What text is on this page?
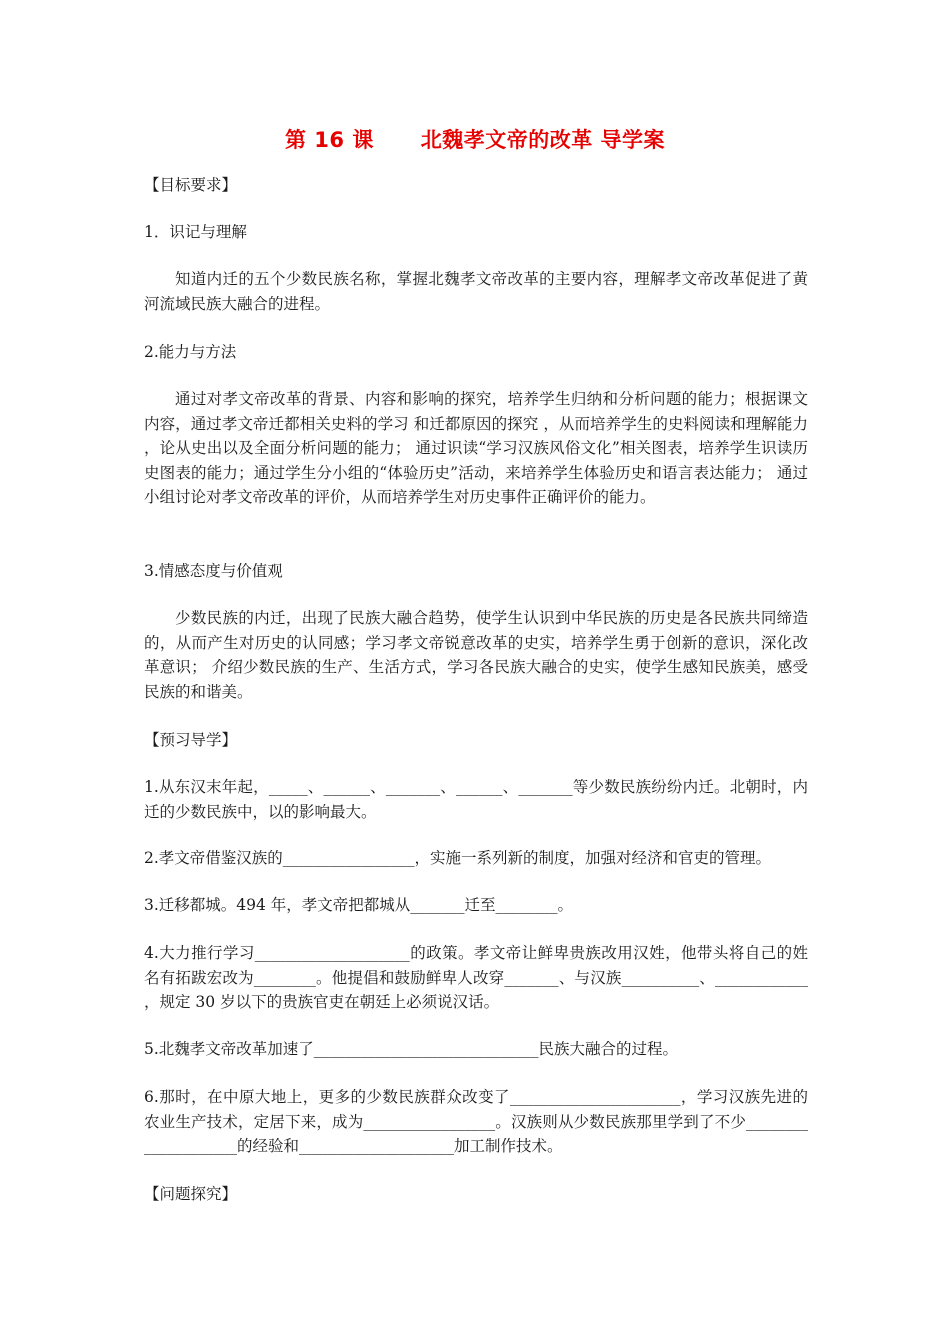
第 16 课      北魏孝文帝的改革 导学案
【目标要求】
1．识记与理解
知道内迁的五个少数民族名称，掌握北魏孝文帝改革的主要内容，理解孝文帝改革促进了黄河流域民族大融合的进程。
2.能力与方法
通过对孝文帝改革的背景、内容和影响的探究，培养学生归纳和分析问题的能力；根据课文内容，通过孝文帝迁都相关史料的学习 和迁都原因的探究 ，从而培养学生的史料阅读和理解能力，论从史出以及全面分析问题的能力； 通过识读“学习汉族风俗文化”相关图表，培养学生识读历史图表的能力；通过学生分小组的“体验历史”活动，来培养学生体验历史和语言表达能力； 通过小组讨论对孝文帝改革的评价，从而培养学生对历史事件正确评价的能力。
3.情感态度与价值观
少数民族的内迁，出现了民族大融合趋势，使学生认识到中华民族的历史是各民族共同缔造的，从而产生对历史的认同感；学习孝文帝锐意改革的史实，培养学生勇于创新的意识，深化改革意识； 介绍少数民族的生产、生活方式，学习各民族大融合的史实，使学生感知民族美，感受民族的和谐美。
【预习导学】
1.从东汉末年起，_____、______、_______、______、_______等少数民族纷纷内迁。北朝时，内迁的少数民族中，以的影响最大。
2.孝文帝借鉴汉族的_________________，实施一系列新的制度，加强对经济和官吏的管理。
3.迁移都城。494 年，孝文帝把都城从_______迁至________。
4.大力推行学习____________________的政策。孝文帝让鲜卑贵族改用汉姓，他带头将自己的姓名有拓跋宏改为________。他提倡和鼓励鲜卑人改穿_______、与汉族__________、____________，规定 30 岁以下的贵族官吏在朝廷上必须说汉话。
5.北魏孝文帝改革加速了_____________________________民族大融合的过程。
6.那时，在中原大地上，更多的少数民族群众改变了______________________，学习汉族先进的农业生产技术，定居下来，成为_________________。汉族则从少数民族那里学到了不少____________________的经验和____________________加工制作技术。
【问题探究】
